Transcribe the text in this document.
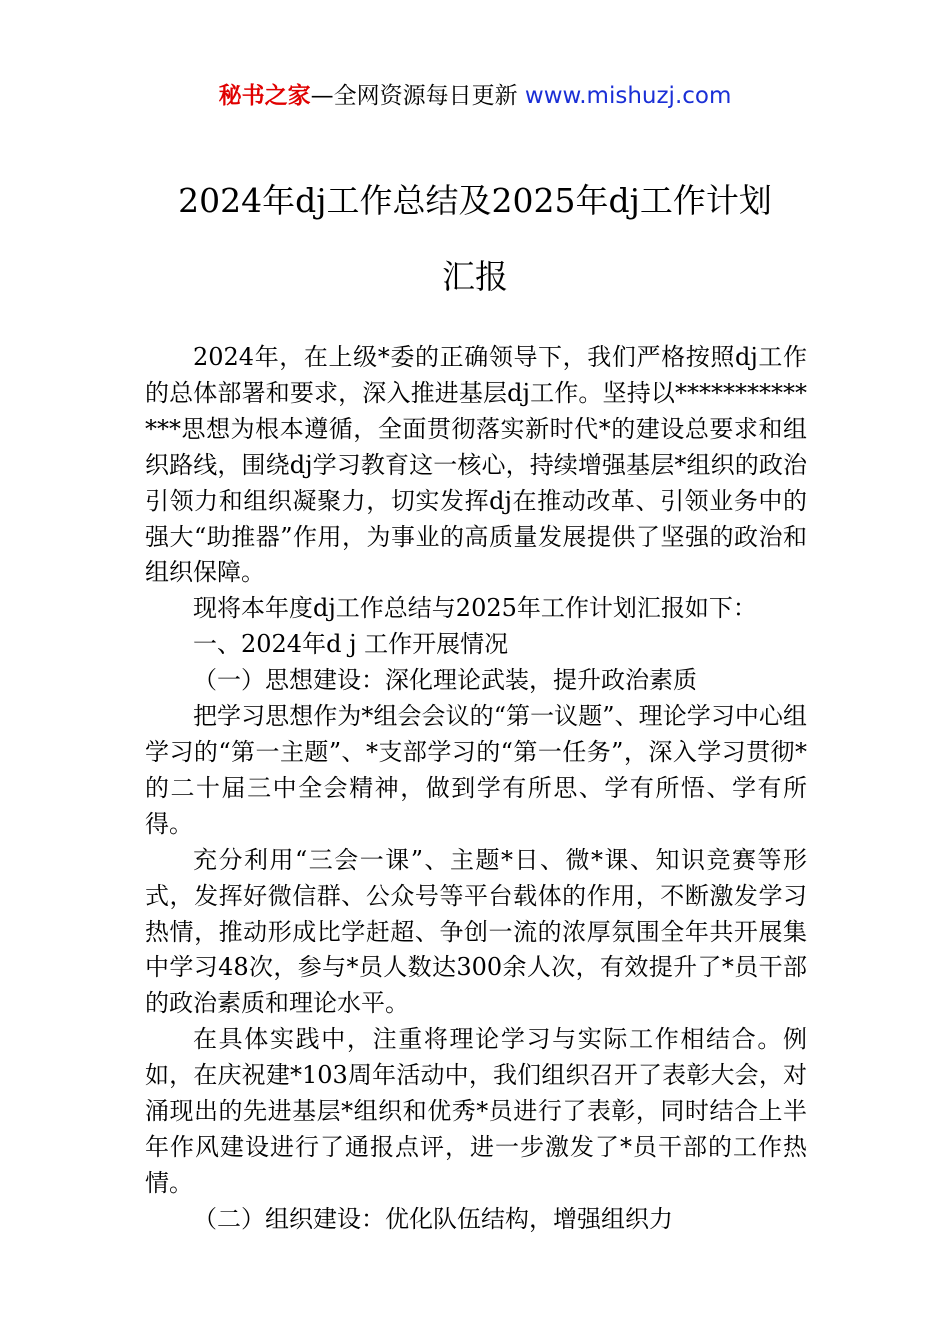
秘书之家—全网资源每日更新 www.mishuzj.com
2024年dj工作总结及2025年dj工作计划
汇报

2024年，在上级*委的正确领导下，我们严格按照dj工作的总体部署和要求，深入推进基层dj工作。坚持以**************思想为根本遵循，全面贯彻落实新时代*的建设总要求和组织路线，围绕dj学习教育这一核心，持续增强基层*组织的政治引领力和组织凝聚力，切实发挥dj在推动改革、引领业务中的强大“助推器”作用，为事业的高质量发展提供了坚强的政治和组织保障。

现将本年度dj工作总结与2025年工作计划汇报如下：

一、2024年d j 工作开展情况

（一）思想建设：深化理论武装，提升政治素质

把学习思想作为*组会会议的“第一议题”、理论学习中心组学习的“第一主题”、*支部学习的“第一任务”，深入学习贯彻*的二十届三中全会精神，做到学有所思、学有所悟、学有所得。

充分利用“三会一课”、主题*日、微*课、知识竞赛等形式，发挥好微信群、公众号等平台载体的作用，不断激发学习热情，推动形成比学赶超、争创一流的浓厚氛围全年共开展集中学习48次，参与*员人数达300余人次，有效提升了*员干部的政治素质和理论水平。

在具体实践中，注重将理论学习与实际工作相结合。例如，在庆祝建*103周年活动中，我们组织召开了表彰大会，对涌现出的先进基层*组织和优秀*员进行了表彰，同时结合上半年作风建设进行了通报点评，进一步激发了*员干部的工作热情。

（二）组织建设：优化队伍结构，增强组织力
